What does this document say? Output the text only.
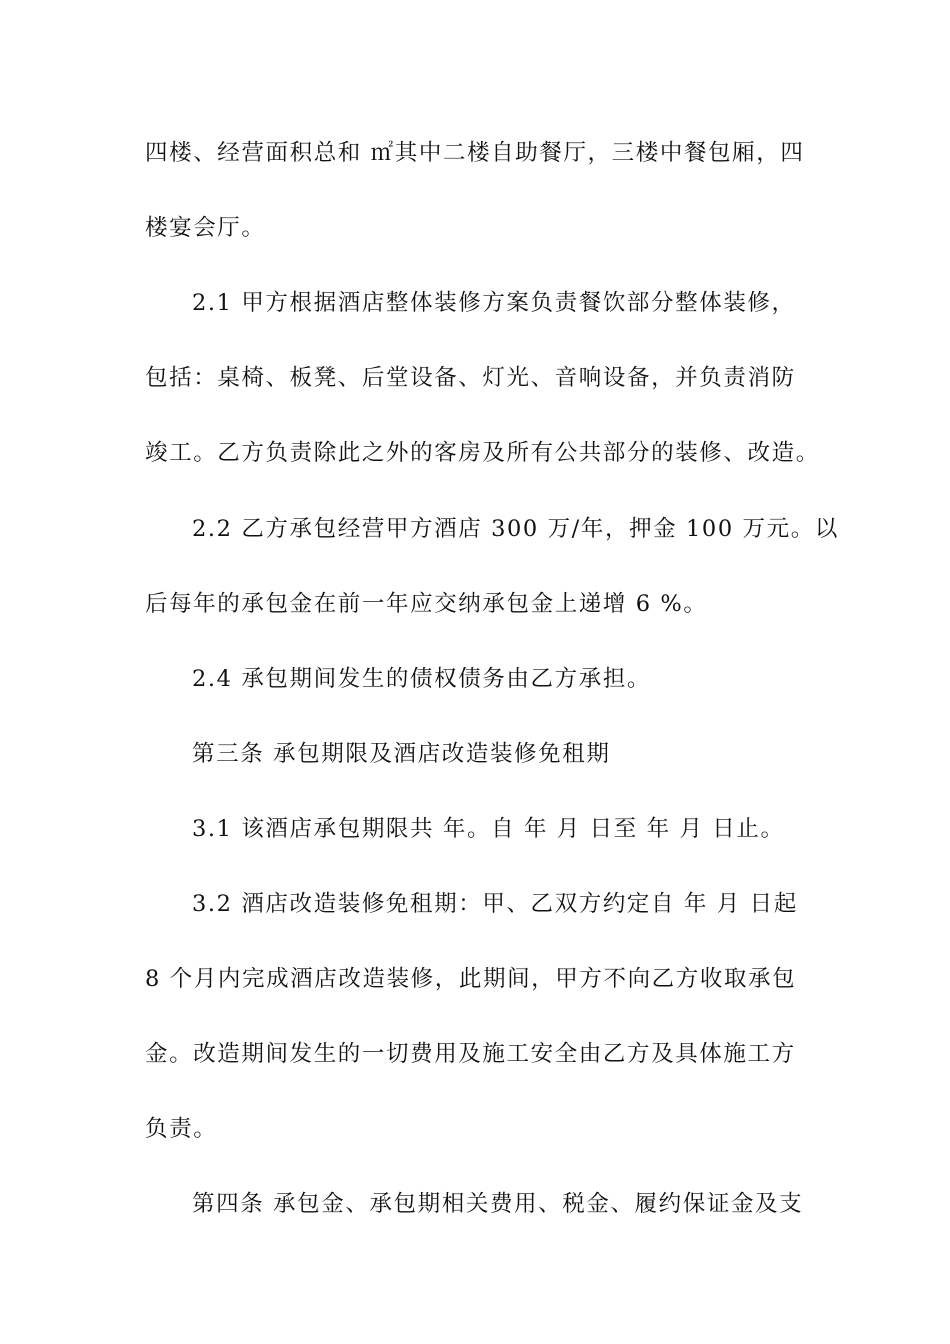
四楼、经营面积总和 ㎡其中二楼自助餐厅，三楼中餐包厢，四
楼宴会厅。
2.1 甲方根据酒店整体装修方案负责餐饮部分整体装修，
包括：桌椅、板凳、后堂设备、灯光、音响设备，并负责消防
竣工。乙方负责除此之外的客房及所有公共部分的装修、改造。
2.2 乙方承包经营甲方酒店 300 万/年，押金 100 万元。以
后每年的承包金在前一年应交纳承包金上递增 6 %。
2.4 承包期间发生的债权债务由乙方承担。
第三条 承包期限及酒店改造装修免租期
3.1 该酒店承包期限共 年。自 年 月 日至 年 月 日止。
3.2 酒店改造装修免租期：甲、乙双方约定自 年 月 日起
8 个月内完成酒店改造装修，此期间，甲方不向乙方收取承包
金。改造期间发生的一切费用及施工安全由乙方及具体施工方
负责。
第四条 承包金、承包期相关费用、税金、履约保证金及支
